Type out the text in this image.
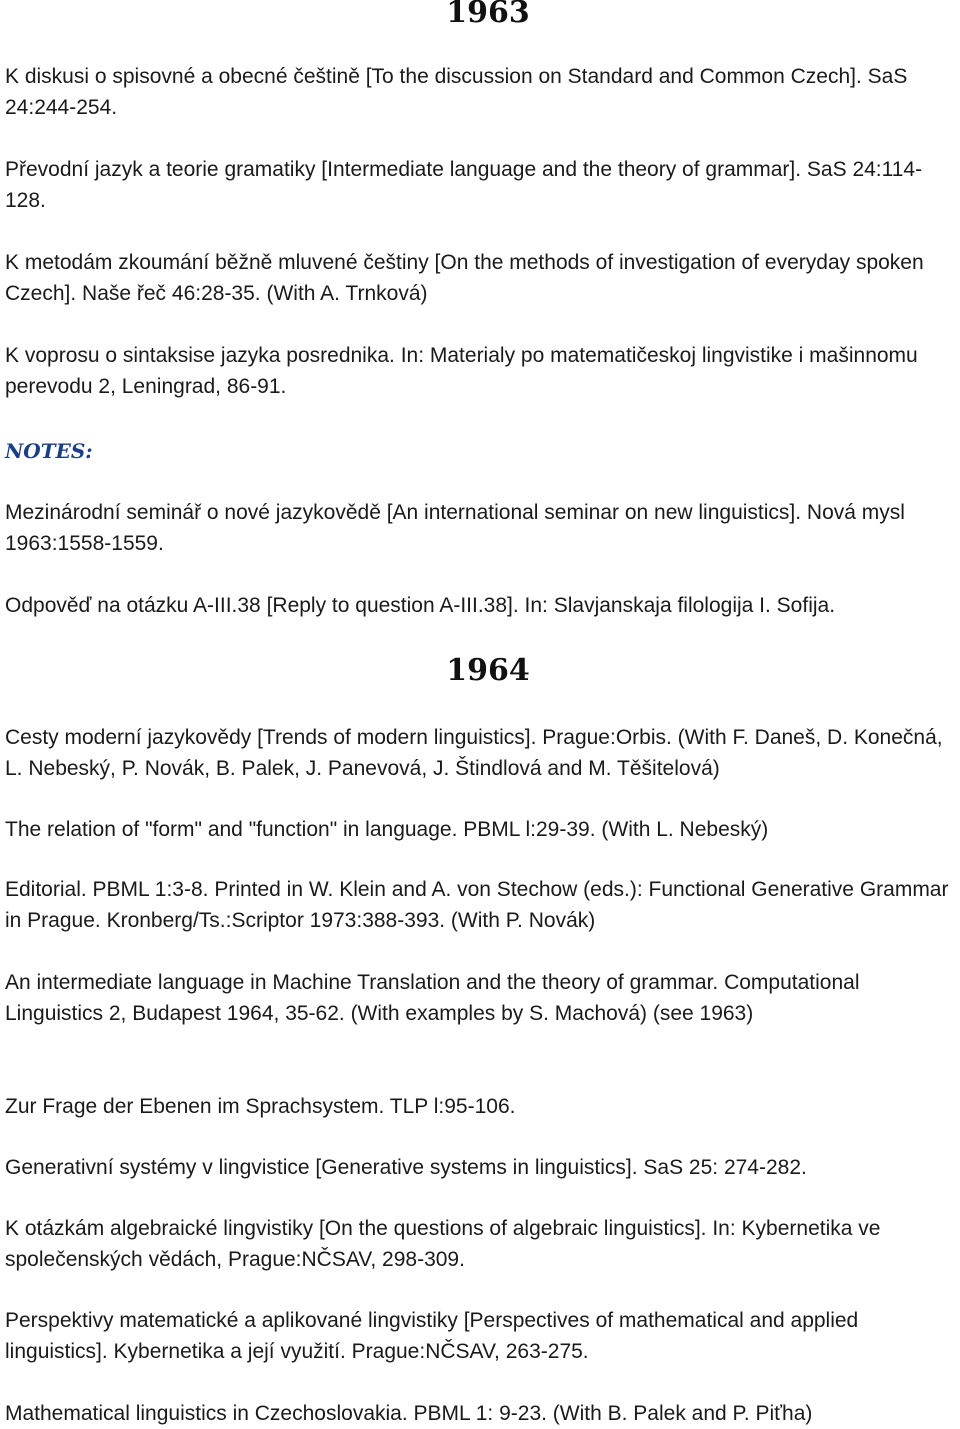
1963

K diskusi o spisovné a obecné češtině [To the discussion on Standard and Common Czech]. SaS 24:244-254.

Převodní jazyk a teorie gramatiky [Intermediate language and the theory of grammar]. SaS 24:114-128.

K metodám zkoumání běžně mluvené češtiny [On the methods of investigation of everyday spoken Czech]. Naše řeč 46:28-35. (With A. Trnková)

K voprosu o sintaksise jazyka posrednika. In: Materialy po matematičeskoj lingvistike i mašinnomu perevodu 2, Leningrad, 86-91.

NOTES:

Mezinárodní seminář o nové jazykovědě [An international seminar on new linguistics]. Nová mysl 1963:1558-1559.

Odpověď na otázku A-III.38 [Reply to question A-III.38]. In: Slavjanskaja filologija I. Sofija.

1964

Cesty moderní jazykovědy [Trends of modern linguistics]. Prague:Orbis. (With F. Daneš, D. Konečná, L. Nebeský, P. Novák, B. Palek, J. Panevová, J. Štindlová and M. Těšitelová)

The relation of "form" and "function" in language. PBML l:29-39. (With L. Nebeský)

Editorial. PBML 1:3-8. Printed in W. Klein and A. von Stechow (eds.): Functional Generative Grammar in Prague. Kronberg/Ts.:Scriptor 1973:388-393. (With P. Novák)

An intermediate language in Machine Translation and the theory of grammar. Computational Linguistics 2, Budapest 1964, 35-62. (With examples by S. Machová) (see 1963)

Zur Frage der Ebenen im Sprachsystem. TLP l:95-106.

Generativní systémy v lingvistice [Generative systems in linguistics]. SaS 25: 274-282.

K otázkám algebraické lingvistiky [On the questions of algebraic linguistics]. In: Kybernetika ve společenských vědách, Prague:NČSAV, 298-309.

Perspektivy matematické a aplikované lingvistiky [Perspectives of mathematical and applied linguistics]. Kybernetika a její využití. Prague:NČSAV, 263-275.

Mathematical linguistics in Czechoslovakia. PBML 1: 9-23. (With B. Palek and P. Piťha)
